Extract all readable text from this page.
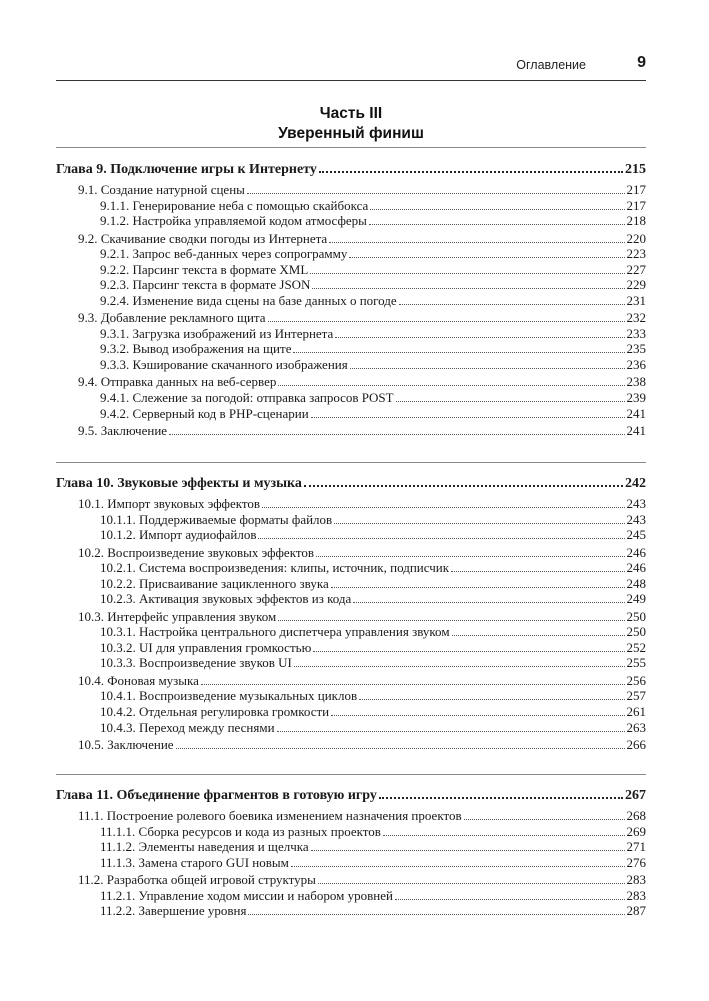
Оглавление	9
Часть III
Уверенный финиш
Глава 9. Подключение игры к Интернету	215
9.1. Создание натурной сцены	217
9.1.1. Генерирование неба с помощью скайбокса	217
9.1.2. Настройка управляемой кодом атмосферы	218
9.2. Скачивание сводки погоды из Интернета	220
9.2.1. Запрос веб-данных через сопрограмму	223
9.2.2. Парсинг текста в формате XML	227
9.2.3. Парсинг текста в формате JSON	229
9.2.4. Изменение вида сцены на базе данных о погоде	231
9.3. Добавление рекламного щита	232
9.3.1. Загрузка изображений из Интернета	233
9.3.2. Вывод изображения на щите	235
9.3.3. Кэширование скачанного изображения	236
9.4. Отправка данных на веб-сервер	238
9.4.1. Слежение за погодой: отправка запросов POST	239
9.4.2. Серверный код в PHP-сценарии	241
9.5. Заключение	241
Глава 10. Звуковые эффекты и музыка	242
10.1. Импорт звуковых эффектов	243
10.1.1. Поддерживаемые форматы файлов	243
10.1.2. Импорт аудиофайлов	245
10.2. Воспроизведение звуковых эффектов	246
10.2.1. Система воспроизведения: клипы, источник, подписчик	246
10.2.2. Присваивание зацикленного звука	248
10.2.3. Активация звуковых эффектов из кода	249
10.3. Интерфейс управления звуком	250
10.3.1. Настройка центрального диспетчера управления звуком	250
10.3.2. UI для управления громкостью	252
10.3.3. Воспроизведение звуков UI	255
10.4. Фоновая музыка	256
10.4.1. Воспроизведение музыкальных циклов	257
10.4.2. Отдельная регулировка громкости	261
10.4.3. Переход между песнями	263
10.5. Заключение	266
Глава 11. Объединение фрагментов в готовую игру	267
11.1. Построение ролевого боевика изменением назначения проектов	268
11.1.1. Сборка ресурсов и кода из разных проектов	269
11.1.2. Элементы наведения и щелчка	271
11.1.3. Замена старого GUI новым	276
11.2. Разработка общей игровой структуры	283
11.2.1. Управление ходом миссии и набором уровней	283
11.2.2. Завершение уровня	287
